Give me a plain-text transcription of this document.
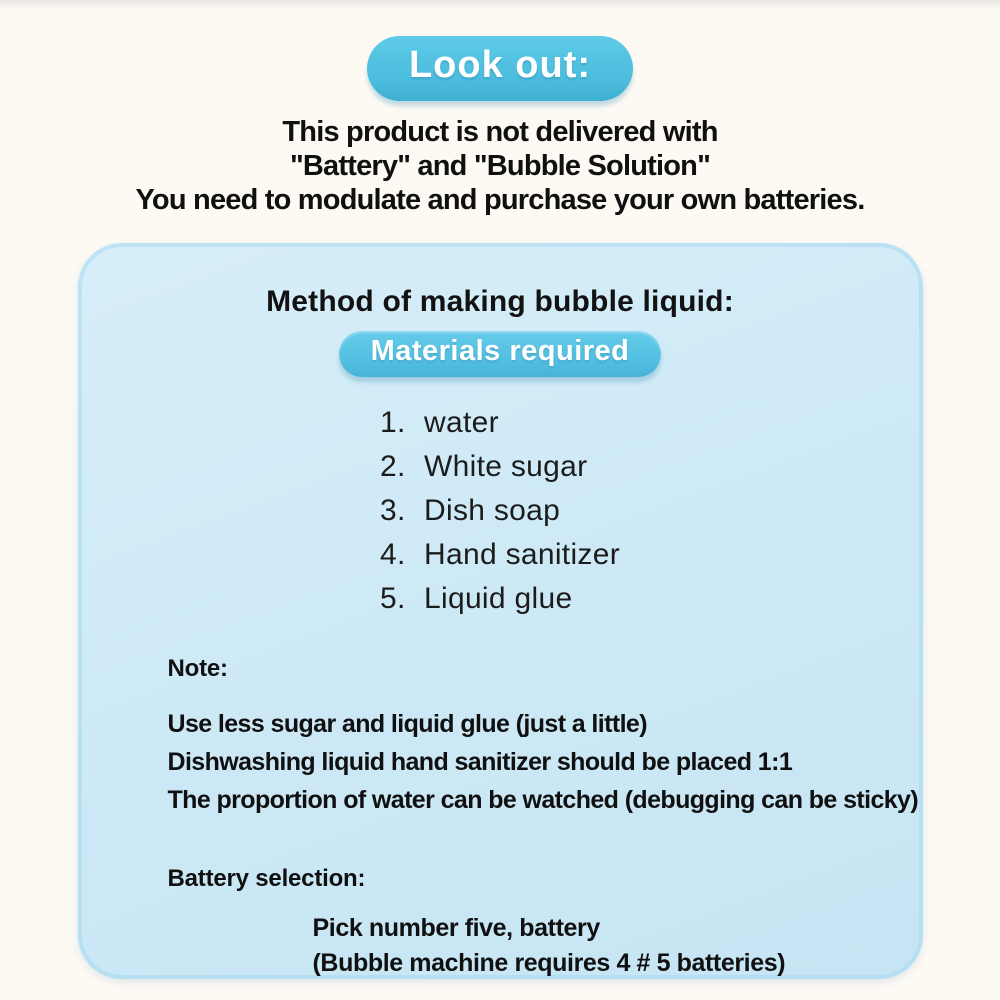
Look out:
This product is not delivered with
"Battery" and "Bubble Solution"
You need to modulate and purchase your own batteries.
Method of making bubble liquid:
Materials required
1. water
2. White sugar
3. Dish soap
4. Hand sanitizer
5. Liquid glue
Note:
Use less sugar and liquid glue (just a little)
Dishwashing liquid hand sanitizer should be placed 1:1
The proportion of water can be watched (debugging can be sticky)
Battery selection:
Pick number five, battery
(Bubble machine requires 4 # 5 batteries)
